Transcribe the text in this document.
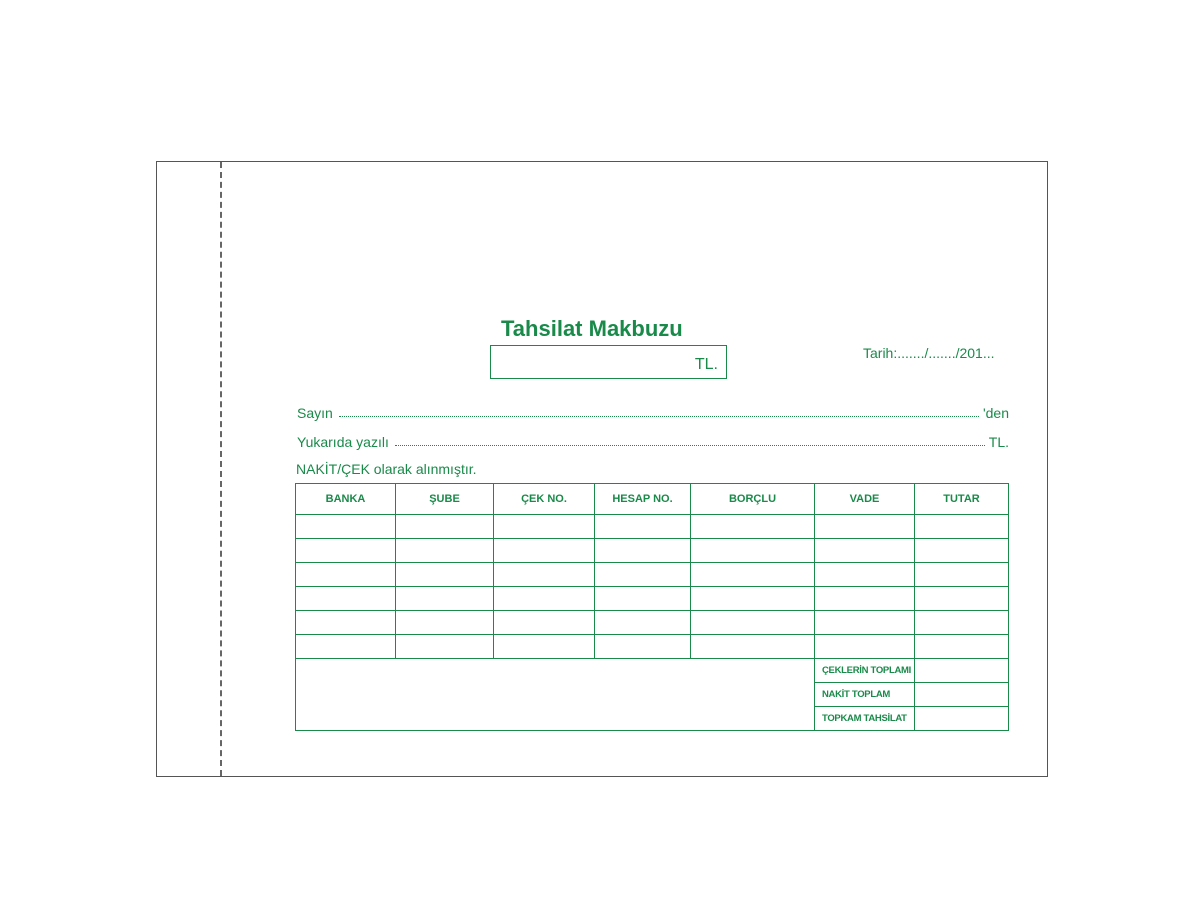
Tahsilat Makbuzu
TL.
Tarih:......./......./201...
Sayın	'den
Yukarıda yazılı	TL.
NAKİT/ÇEK olarak alınmıştır.
BANKA	ŞUBE	ÇEK NO.	HESAP NO.	BORÇLU	VADE	TUTAR

					ÇEKLERİN TOPLAMI	
					NAKİT TOPLAM	
					TOPKAM TAHSİLAT	
